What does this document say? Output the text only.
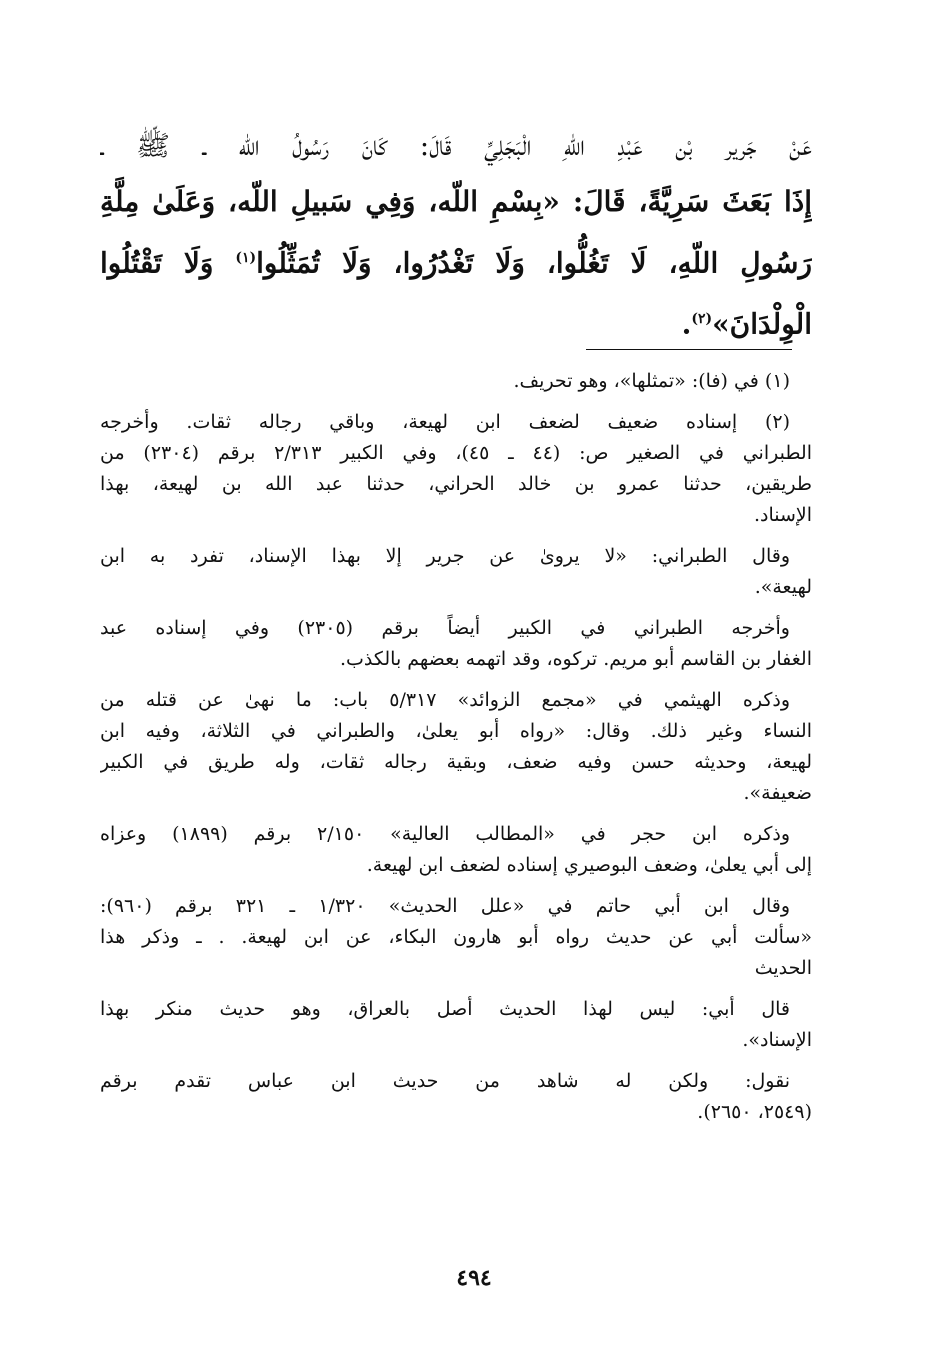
عَنْ جَرير بْن عَبْدِ اللّهِ الْبَجَلِيِّ قَالَ: كَانَ رَسُولُ اللّه ـ ﷺ ـ
إِذَا بَعَثَ سَرِيَّةً، قَالَ: «بِسْمِ اللّه، وَفِي سَبيلِ اللّه، وَعَلَىٰ مِلَّةِ
رَسُولِ اللّهِ، لَا تَغُلُّوا، وَلَا تَغْدُرُوا، وَلَا تُمَثِّلُوا$^{(١)}$ وَلَا تَقْتُلُوا
الْوِلْدَانَ»$^{(٢)}$.
(١) في (فا): «تمثلها»، وهو تحريف.
(٢) إسناده ضعيف لضعف ابن لهيعة، وباقي رجاله ثقات. وأخرجه
الطبراني في الصغير ص: (٤٤ ـ ٤٥)، وفي الكبير ٢/٣١٣ برقم (٢٣٠٤) من
طريقين، حدثنا عمرو بن خالد الحراني، حدثنا عبد الله بن لهيعة، بهذا
الإسناد.
وقال الطبراني: «لا يروىٰ عن جرير إلا بهذا الإسناد، تفرد به ابن
لهيعة».
وأخرجه الطبراني في الكبير أيضاً برقم (٢٣٠٥) وفي إسناده عبد
الغفار بن القاسم أبو مريم. تركوه، وقد اتهمه بعضهم بالكذب.
وذكره الهيثمي في «مجمع الزوائد» ٥/٣١٧ باب: ما نهىٰ عن قتله من
النساء وغير ذلك. وقال: «رواه أبو يعلىٰ، والطبراني في الثلاثة، وفيه ابن
لهيعة، وحديثه حسن وفيه ضعف، وبقية رجاله ثقات، وله طريق في الكبير
ضعيفة».
وذكره ابن حجر في «المطالب العالية» ٢/١٥٠ برقم (١٨٩٩) وعزاه
إلى أبي يعلىٰ، وضعف البوصيري إسناده لضعف ابن لهيعة.
وقال ابن أبي حاتم في «علل الحديث» ١/٣٢٠ ـ ٣٢١ برقم (٩٦٠):
«سألت أبي عن حديث رواه أبو هارون البكاء، عن ابن لهيعة. . ـ وذكر هذا
الحديث
قال أبي: ليس لهذا الحديث أصل بالعراق، وهو حديث منكر بهذا
الإسناد».
نقول: ولكن له شاهد من حديث ابن عباس تقدم برقم
(٢٥٤٩، ٢٦٥٠).
٤٩٤
